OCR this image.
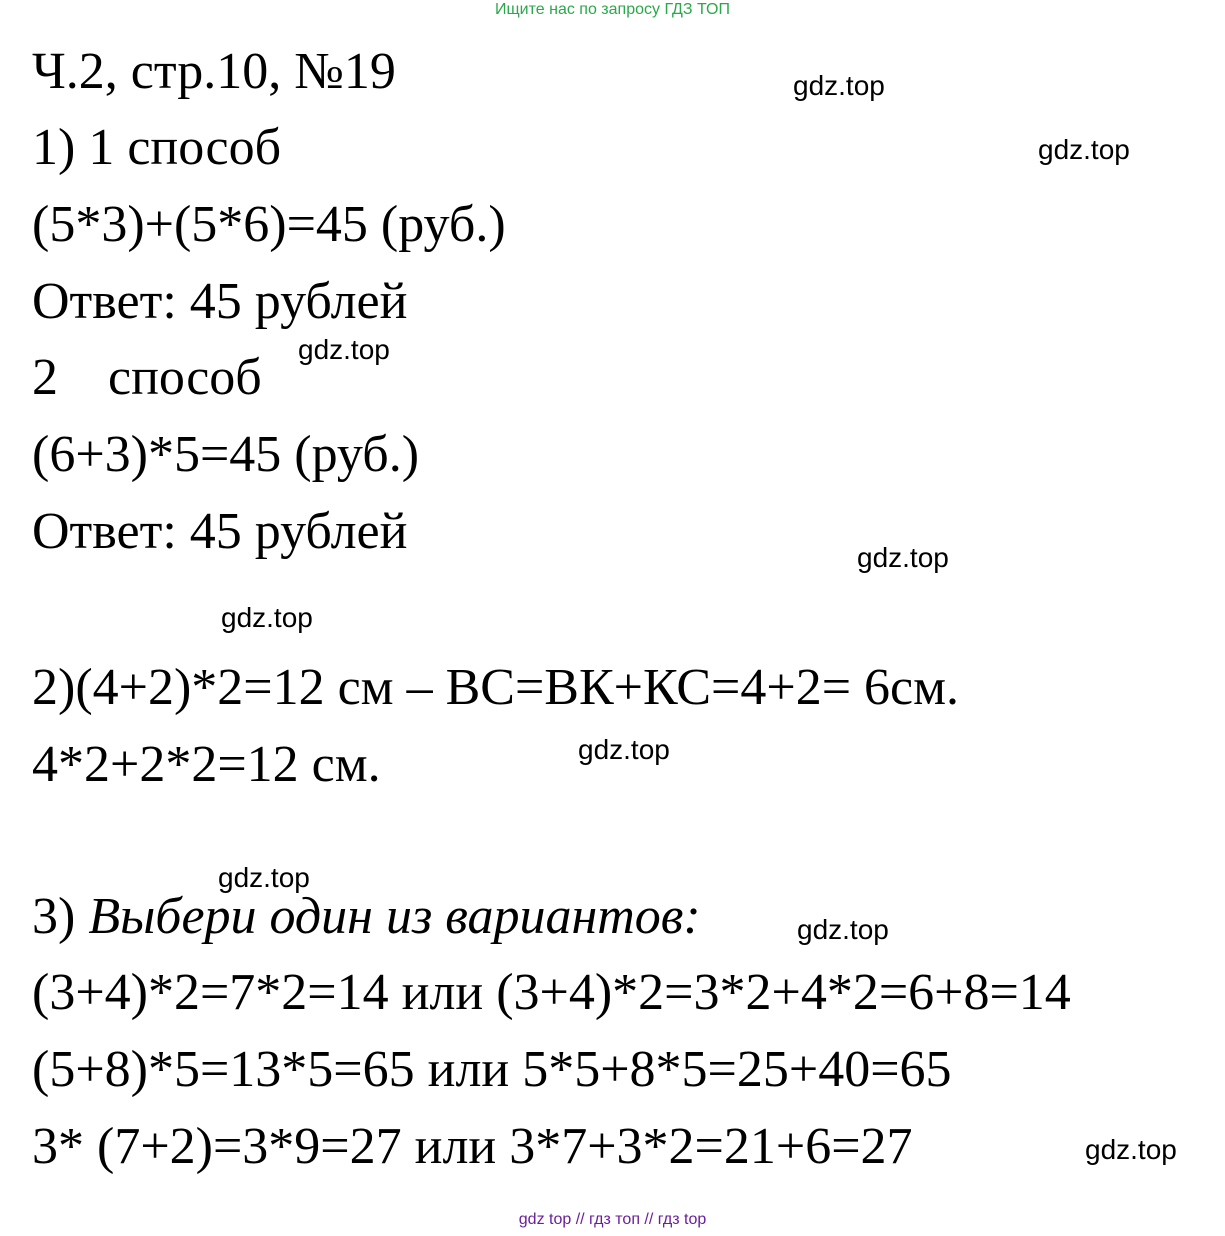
Ищите нас по запросу ГДЗ ТОП
Ч.2, стр.10, №19
1) 1 способ
(5*3)+(5*6)=45 (руб.)
Ответ: 45 рублей
2 способ
(6+3)*5=45 (руб.)
Ответ: 45 рублей
2)(4+2)*2=12 см – ВС=ВК+КС=4+2= 6см.
4*2+2*2=12 см.
3) Выбери один из вариантов:
(3+4)*2=7*2=14 или (3+4)*2=3*2+4*2=6+8=14
(5+8)*5=13*5=65 или 5*5+8*5=25+40=65
3* (7+2)=3*9=27 или 3*7+3*2=21+6=27
gdz.top
gdz.top
gdz.top
gdz.top
gdz.top
gdz.top
gdz.top
gdz.top
gdz.top
gdz top // гдз топ // гдз top
